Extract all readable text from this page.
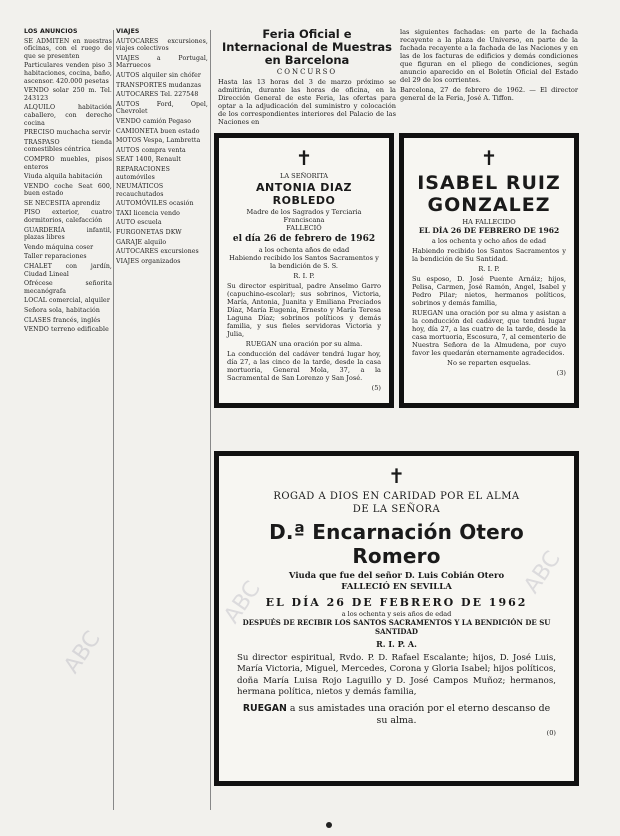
LOS ANUNCIOS

SE ADMITEN en nuestras oficinas, con el ruego de que se presenten

Particulares venden piso 3 habitaciones, cocina, baño, ascensor. 420.000 pesetas

VENDO solar 250 m. Tel. 243123

ALQUILO habitación caballero, con derecho cocina

PRECISO muchacha servir

TRASPASO tienda comestibles céntrica

COMPRO muebles, pisos enteros

Viuda alquila habitación

VENDO coche Seat 600, buen estado

SE NECESITA aprendiz

PISO exterior, cuatro dormitorios, calefacción

GUARDERÍA infantil, plazas libres

Vendo máquina coser

Taller reparaciones

CHALET con jardín, Ciudad Lineal

Ofrécese señorita mecanógrafa

LOCAL comercial, alquiler

Señora sola, habitación

CLASES francés, inglés

VENDO terreno edificable

VIAJES

AUTOCARES excursiones, viajes colectivos

VIAJES a Portugal, Marruecos

AUTOS alquiler sin chófer

TRANSPORTES mudanzas

AUTOCARES Tel. 227548

AUTOS Ford, Opel, Chevrolet

VENDO camión Pegaso

CAMIONETA buen estado

MOTOS Vespa, Lambretta

AUTOS compra venta

SEAT 1400, Renault

REPARACIONES automóviles

NEUMÁTICOS recauchutados

AUTOMÓVILES ocasión

TAXI licencia vendo

AUTO escuela

FURGONETAS DKW

GARAJE alquilo

AUTOCARES excursiones

VIAJES organizados

Feria Oficial e Internacional de Muestras en Barcelona
CONCURSO

Hasta las 13 horas del 3 de marzo próximo se admitirán, durante las horas de oficina, en la Dirección General de este Feria, las ofertas para optar a la adjudicación del suministro y colocación de los correspondientes interiores del Palacio de las Naciones en

las siguientes fachadas: en parte de la fachada recayente a la plaza de Universo, en parte de la fachada recayente a la fachada de las Naciones y en las de los facturas de edificios y demás condiciones que figuran en el pliego de condiciones, según anuncio aparecido en el Boletín Oficial del Estado del 29 de los corrientes.

Barcelona, 27 de febrero de 1962. — El director general de la Feria, José A. Tiffon.

✝
LA SEÑORITA
ANTONIA DIAZ ROBLEDO
Madre de los Sagrados y Terciaria Franciscana
FALLECIÓ
el día 26 de febrero de 1962
a los ochenta años de edad
Habiendo recibido los Santos Sacramentos y la bendición de S. S.
R. I. P.
Su director espiritual, padre Anselmo Garro (capuchino-escolar); sus sobrinos, Victoria, María, Antonia, Juanita y Emiliana Preciados Díaz, María Eugenia, Ernesto y María Teresa Laguna Díaz; sobrinos políticos y demás familia, y sus fieles servidoras Victoria y Julia,
RUEGAN una oración por su alma.
La conducción del cadáver tendrá lugar hoy, día 27, a las cinco de la tarde, desde la casa mortuoria, General Mola, 37, a la Sacramental de San Lorenzo y San José.
(5)
✝
ISABEL RUIZ
GONZALEZ
HA FALLECIDO
EL DÍA 26 DE FEBRERO DE 1962
a los ochenta y ocho años de edad
Habiendo recibido los Santos Sacramentos y la bendición de Su Santidad.
R. I. P.
Su esposo, D. José Puente Arnáiz; hijos, Pelisa, Carmen, José Ramón, Angel, Isabel y Pedro Pilar; nietos, hermanos políticos, sobrinos y demás familia,
RUEGAN una oración por su alma y asistan a la conducción del cadáver, que tendrá lugar hoy, día 27, a las cuatro de la tarde, desde la casa mortuoria, Escosura, 7, al cementerio de Nuestra Señora de la Almudena, por cuyo favor les quedarán eternamente agradecidos.
No se reparten esquelas.
(3)
✝
ROGAD A DIOS EN CARIDAD POR EL ALMA
DE LA SEÑORA
D.ª Encarnación Otero Romero
Viuda que fue del señor D. Luis Cobián Otero
FALLECIÓ EN SEVILLA
EL DÍA 26 DE FEBRERO DE 1962
a los ochenta y seis años de edad
DESPUÉS DE RECIBIR LOS SANTOS SACRAMENTOS Y LA BENDICIÓN DE SU SANTIDAD
R. I. P. A.
Su director espiritual, Rvdo. P. D. Rafael Escalante; hijos, D. José Luis, María Victoria, Miguel, Mercedes, Corona y Gloria Isabel; hijos políticos, doña María Luisa Rojo Laguillo y D. José Campos Muñoz; hermanos, hermana política, nietos y demás familia,
RUEGAN a sus amistades una oración por el eterno descanso de su alma.
(0)
ABC
ABC
ABC
